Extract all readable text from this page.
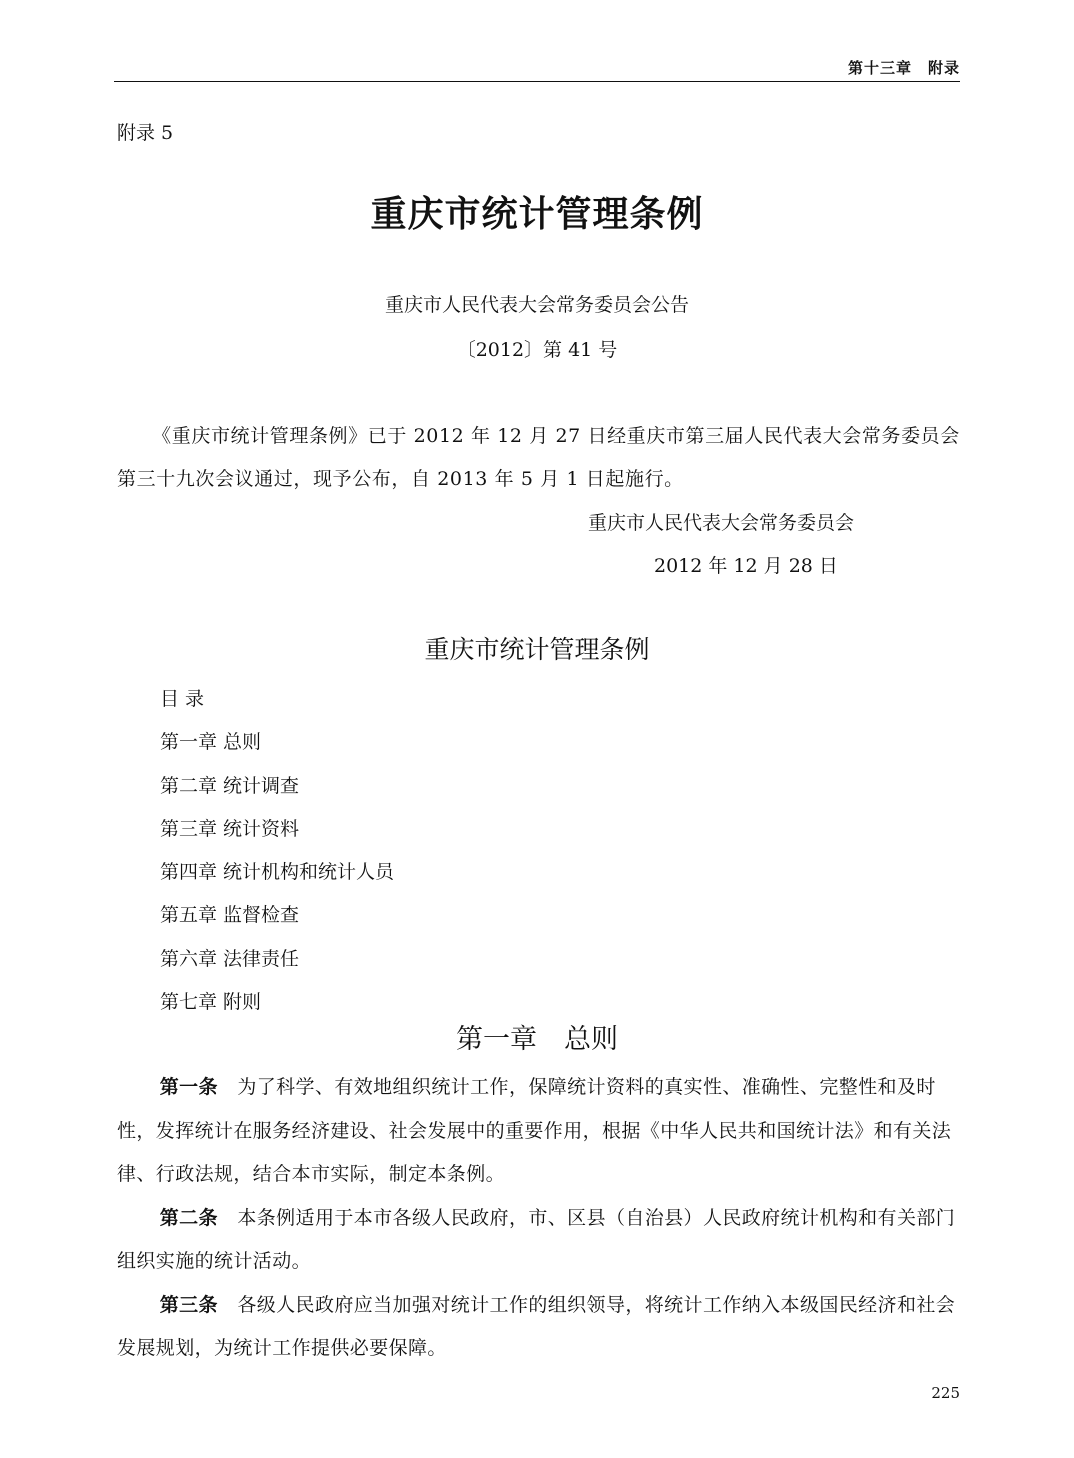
第十三章　附录
附录 5
重庆市统计管理条例
重庆市人民代表大会常务委员会公告
〔2012〕第 41 号

《重庆市统计管理条例》已于 2012 年 12 月 27 日经重庆市第三届人民代表大会常务委员会第三十九次会议通过，现予公布，自 2013 年 5 月 1 日起施行。

重庆市人民代表大会常务委员会
2012 年 12 月 28 日
重庆市统计管理条例
目 录
第一章 总则
第二章 统计调查
第三章 统计资料
第四章 统计机构和统计人员
第五章 监督检查
第六章 法律责任
第七章 附则
第一章　总则

第一条　 为了科学、有效地组织统计工作，保障统计资料的真实性、准确性、完整性和及时性，发挥统计在服务经济建设、社会发展中的重要作用，根据《中华人民共和国统计法》和有关法律、行政法规，结合本市实际，制定本条例。

第二条　 本条例适用于本市各级人民政府，市、区县（自治县）人民政府统计机构和有关部门组织实施的统计活动。

第三条　 各级人民政府应当加强对统计工作的组织领导，将统计工作纳入本级国民经济和社会发展规划，为统计工作提供必要保障。

225
